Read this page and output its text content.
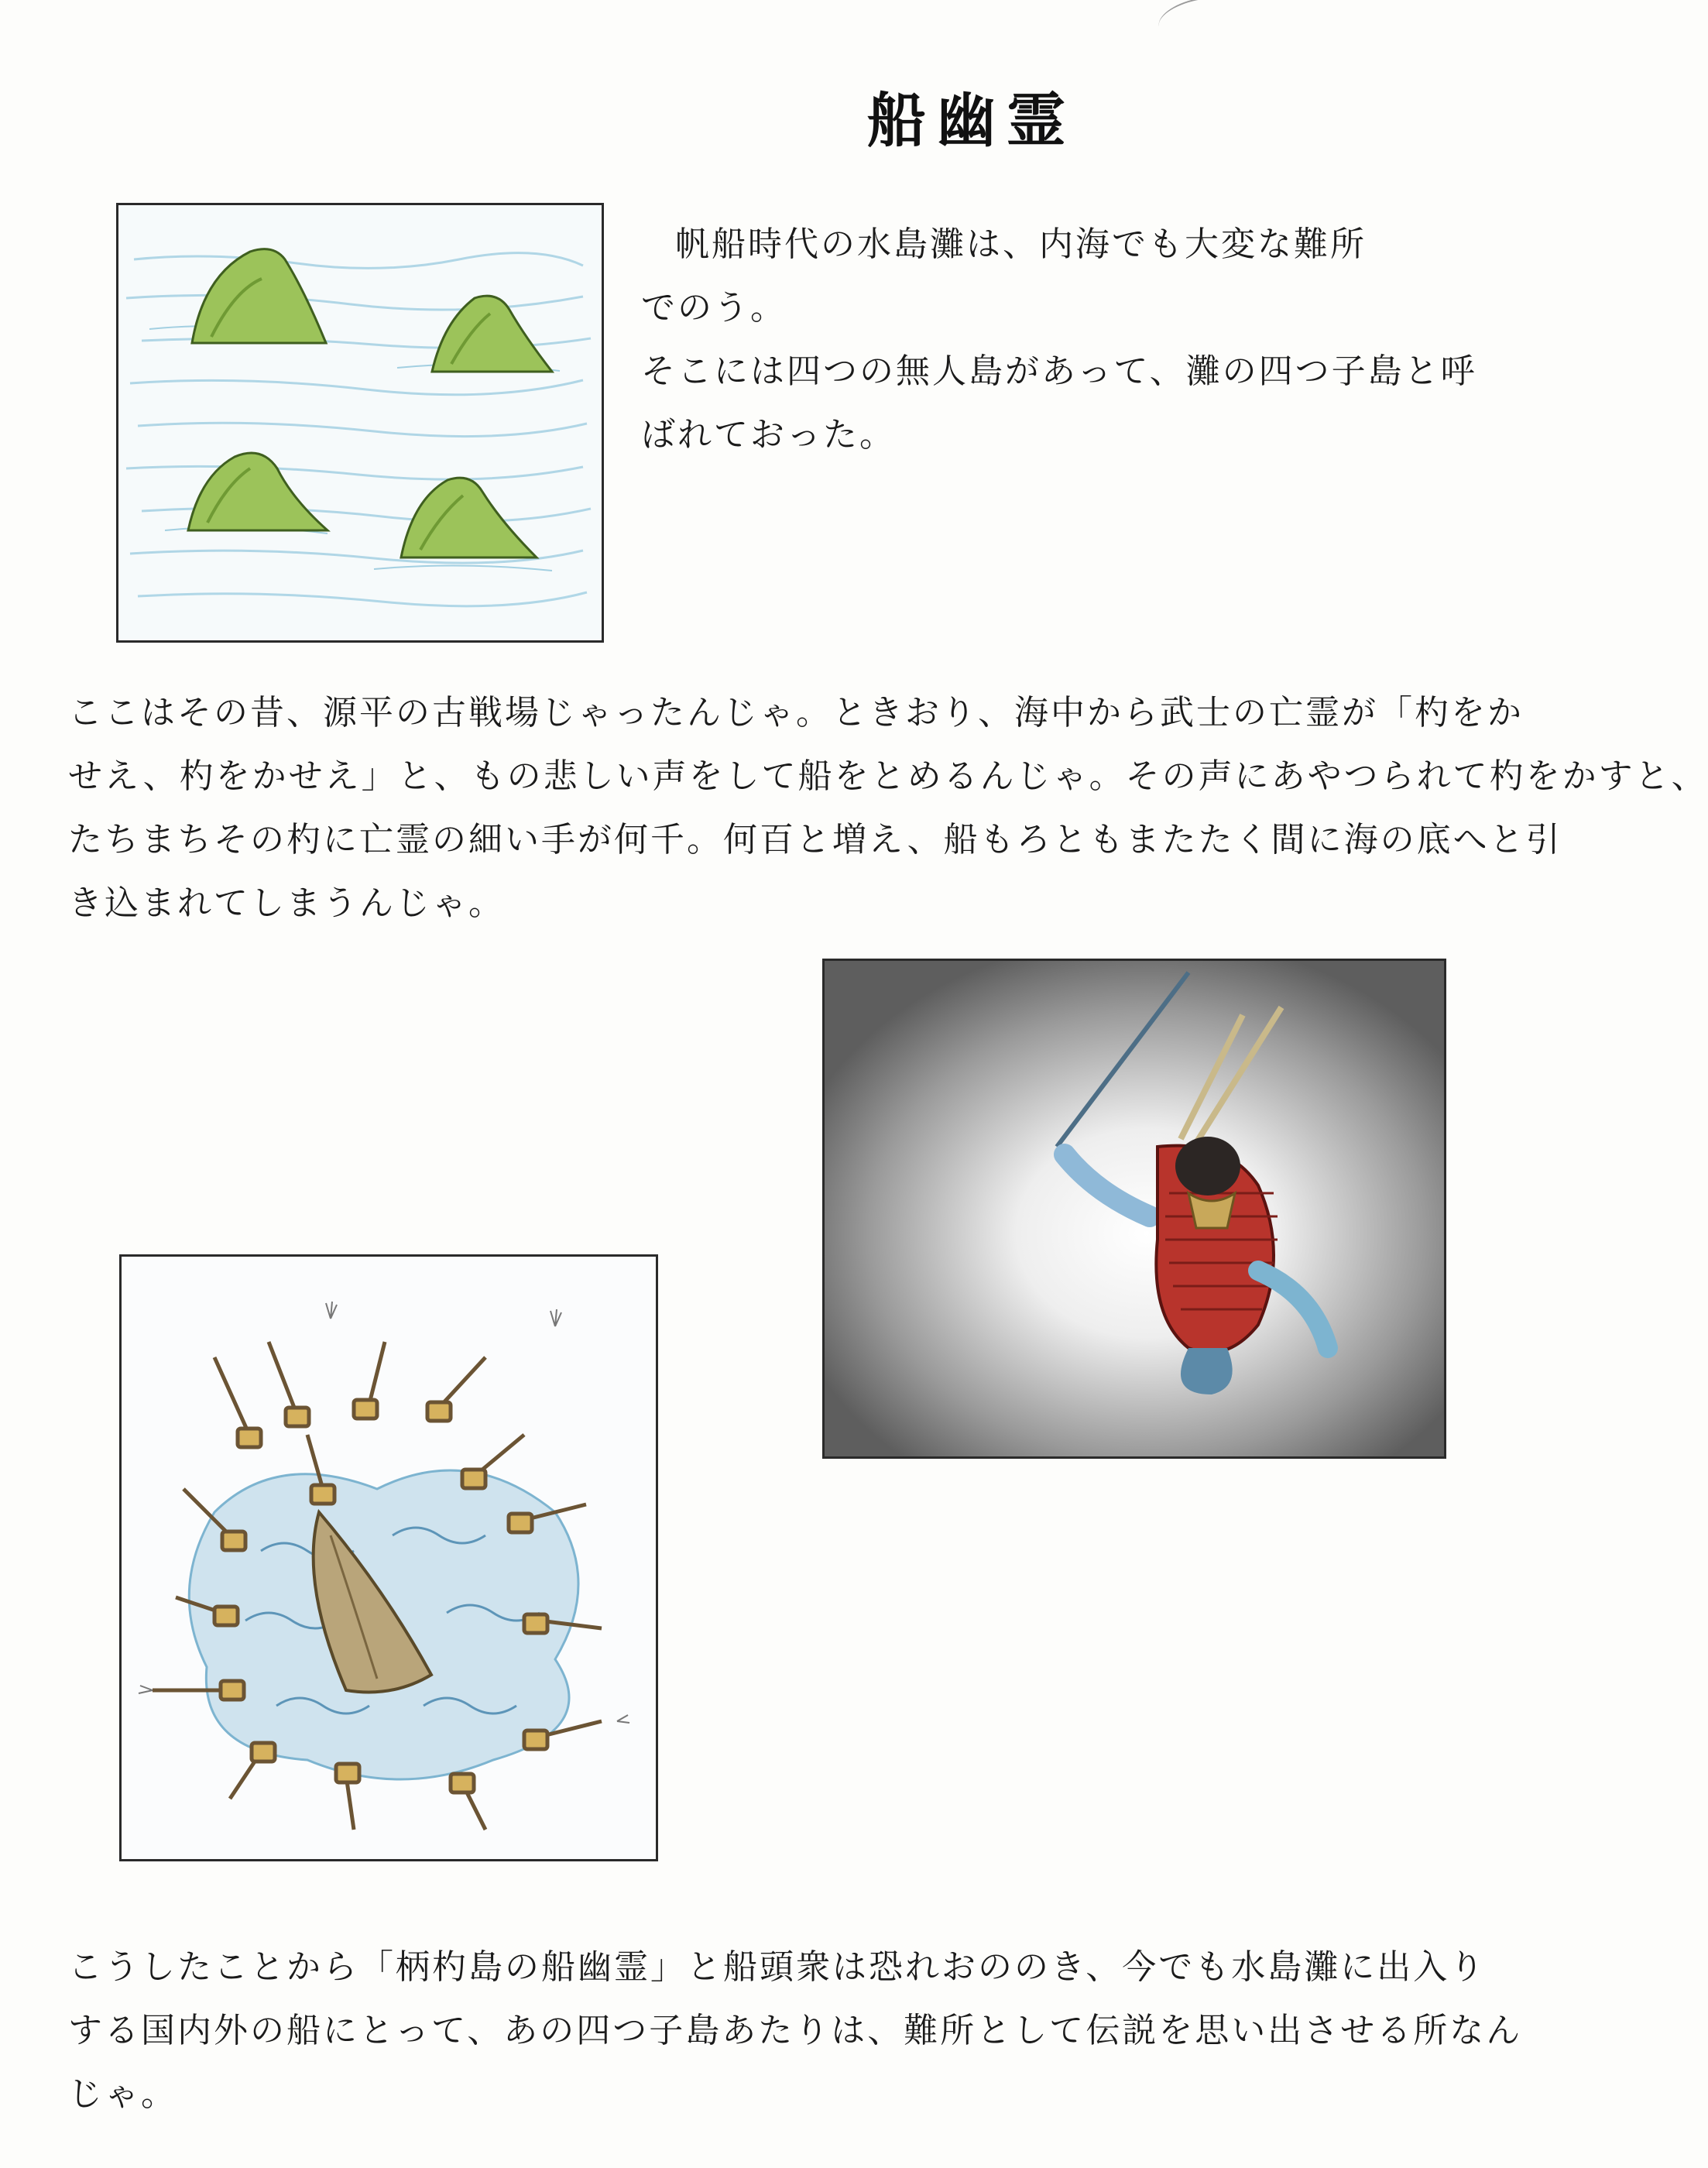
船幽霊
帆船時代の水島灘は、内海でも大変な難所
でのう。
そこには四つの無人島があって、灘の四つ子島と呼
ばれておった。
ここはその昔、源平の古戦場じゃったんじゃ。ときおり、海中から武士の亡霊が「杓をか
せえ、杓をかせえ」と、もの悲しい声をして船をとめるんじゃ。その声にあやつられて杓をかすと、
たちまちその杓に亡霊の細い手が何千。何百と増え、船もろともまたたく間に海の底へと引
き込まれてしまうんじゃ。
こうしたことから「柄杓島の船幽霊」と船頭衆は恐れおののき、今でも水島灘に出入り
する国内外の船にとって、あの四つ子島あたりは、難所として伝説を思い出させる所なん
じゃ。
